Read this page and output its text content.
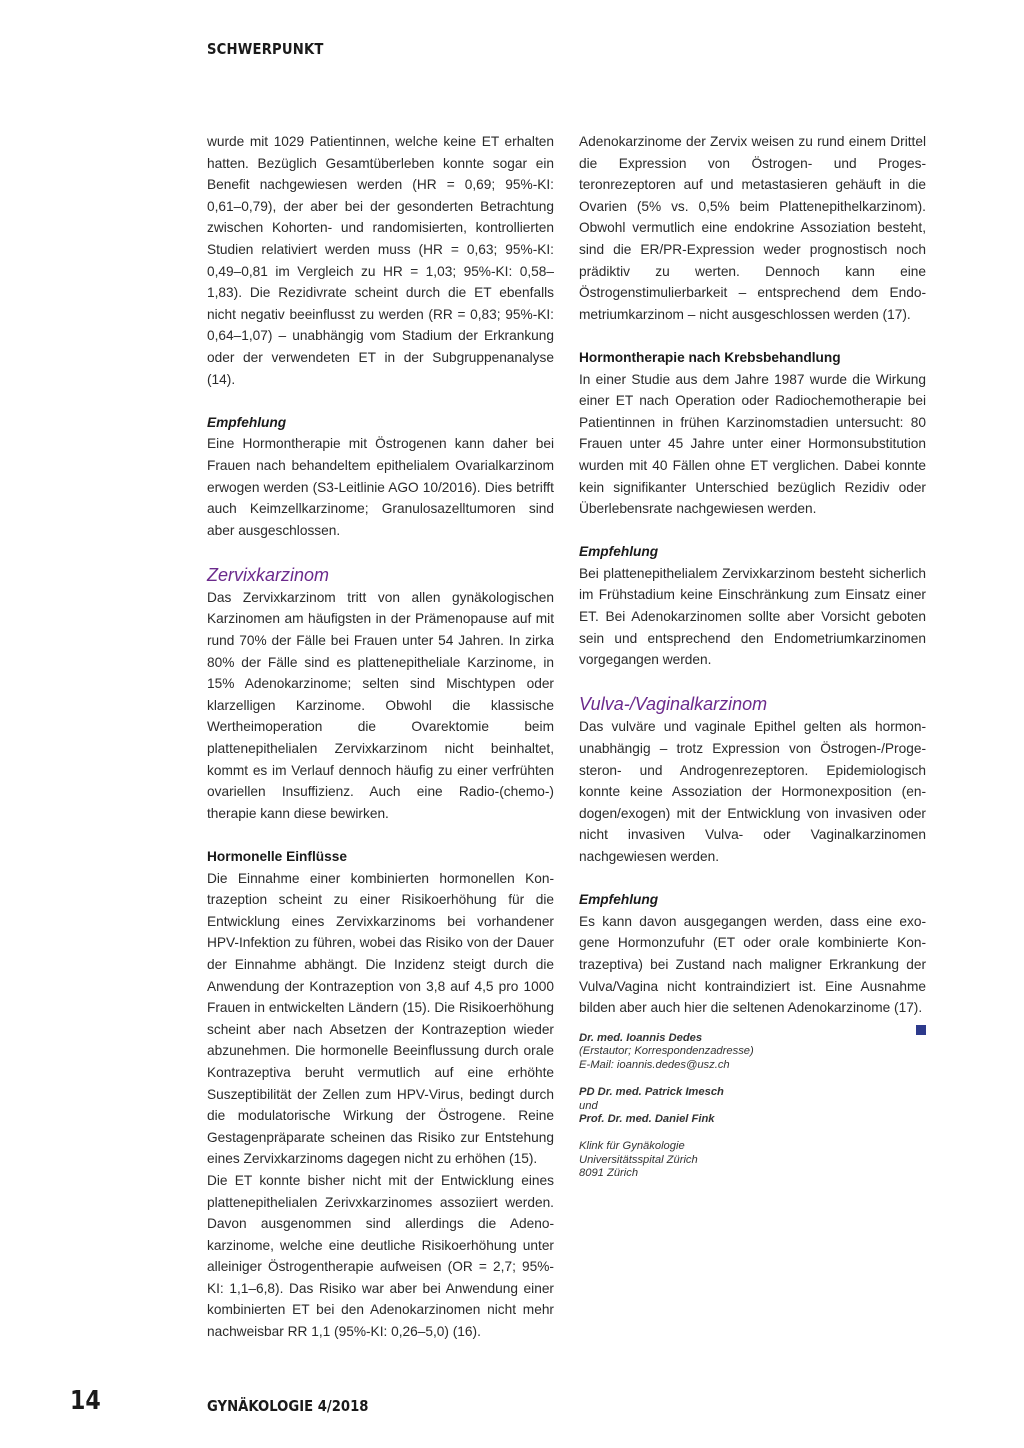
SCHWERPUNKT

wurde mit 1029 Patientinnen, welche keine ET erhalten hatten. Bezüglich Gesamtüberleben konnte sogar ein Benefit nachgewiesen werden (HR = 0,69; 95%-KI: 0,61–0,79), der aber bei der gesonderten Betrachtung zwischen Kohorten- und randomisierten, kontrollierten Studien relativiert werden muss (HR = 0,63; 95%-KI: 0,49–0,81 im Vergleich zu HR = 1,03; 95%-KI: 0,58–1,83). Die Rezidivrate scheint durch die ET ebenfalls nicht negativ beeinflusst zu werden (RR = 0,83; 95%-KI: 0,64–1,07) – unabhängig vom Stadium der Erkrankung oder der verwendeten ET in der Subgruppenanalyse (14).

Empfehlung

Eine Hormontherapie mit Östrogenen kann daher bei Frauen nach behandeltem epithelialem Ovarialkarzinom erwogen werden (S3-Leitlinie AGO 10/2016). Dies betrifft auch Keimzellkarzinome; Granulosazelltumoren sind aber ausgeschlossen.

Zervixkarzinom

Das Zervixkarzinom tritt von allen gynäkologischen Karzinomen am häufigsten in der Prämenopause auf mit rund 70% der Fälle bei Frauen unter 54 Jahren. In zirka 80% der Fälle sind es plattenepitheliale Karzinome, in 15% Adenokarzinome; selten sind Mischtypen oder klarzelligen Karzinome. Obwohl die klassische Wertheimoperation die Ovarektomie beim plattenepithelialen Zervixkarzinom nicht beinhaltet, kommt es im Verlauf dennoch häufig zu einer verfrühten ovariellen Insuffizienz. Auch eine Radio-(chemo-) therapie kann diese bewirken.

Hormonelle Einflüsse

Die Einnahme einer kombinierten hormonellen Kontrazeption scheint zu einer Risikoerhöhung für die Entwicklung eines Zervixkarzinoms bei vorhandener HPV-Infektion zu führen, wobei das Risiko von der Dauer der Einnahme abhängt. Die Inzidenz steigt durch die Anwendung der Kontrazeption von 3,8 auf 4,5 pro 1000 Frauen in entwickelten Ländern (15). Die Risikoerhöhung scheint aber nach Absetzen der Kontrazeption wieder abzunehmen. Die hormonelle Beeinflussung durch orale Kontrazeptiva beruht vermutlich auf eine erhöhte Suszeptibilität der Zellen zum HPV-Virus, bedingt durch die modulatorische Wirkung der Östrogene. Reine Gestagenpräparate scheinen das Risiko zur Entstehung eines Zervixkarzinoms dagegen nicht zu erhöhen (15).

Die ET konnte bisher nicht mit der Entwicklung eines plattenepithelialen Zerivxkarzinomes assoziiert werden. Davon ausgenommen sind allerdings die Adenokarzinome, welche eine deutliche Risikoerhöhung unter alleiniger Östrogentherapie aufweisen (OR = 2,7; 95%-KI: 1,1–6,8). Das Risiko war aber bei Anwendung einer kombinierten ET bei den Adenokarzinomen nicht mehr nachweisbar RR 1,1 (95%-KI: 0,26–5,0) (16).

Adenokarzinome der Zervix weisen zu rund einem Drittel die Expression von Östrogen- und Progesteronrezeptoren auf und metastasieren gehäuft in die Ovarien (5% vs. 0,5% beim Plattenepithelkarzinom). Obwohl vermutlich eine endokrine Assoziation besteht, sind die ER/PR-Expression weder prognostisch noch prädiktiv zu werten. Dennoch kann eine Östrogenstimulierbarkeit – entsprechend dem Endometriumkarzinom – nicht ausgeschlossen werden (17).

Hormontherapie nach Krebsbehandlung

In einer Studie aus dem Jahre 1987 wurde die Wirkung einer ET nach Operation oder Radiochemotherapie bei Patientinnen in frühen Karzinomstadien untersucht: 80 Frauen unter 45 Jahre unter einer Hormonsubstitution wurden mit 40 Fällen ohne ET verglichen. Dabei konnte kein signifikanter Unterschied bezüglich Rezidiv oder Überlebensrate nachgewiesen werden.

Empfehlung

Bei plattenepithelialem Zervixkarzinom besteht sicherlich im Frühstadium keine Einschränkung zum Einsatz einer ET. Bei Adenokarzinomen sollte aber Vorsicht geboten sein und entsprechend den Endometriumkarzinomen vorgegangen werden.

Vulva-/Vaginalkarzinom

Das vulväre und vaginale Epithel gelten als hormonunabhängig – trotz Expression von Östrogen-/Progesteron- und Androgenrezeptoren. Epidemiologisch konnte keine Assoziation der Hormonexposition (endogen/exogen) mit der Entwicklung von invasiven oder nicht invasiven Vulva- oder Vaginalkarzinomen nachgewiesen werden.

Empfehlung

Es kann davon ausgegangen werden, dass eine exogene Hormonzufuhr (ET oder orale kombinierte Kontrazeptiva) bei Zustand nach maligner Erkrankung der Vulva/Vagina nicht kontraindiziert ist. Eine Ausnahme bilden aber auch hier die seltenen Adenokarzinome (17).

Dr. med. Ioannis Dedes
(Erstautor; Korrespondenzadresse)
E-Mail: ioannis.dedes@usz.ch
PD Dr. med. Patrick Imesch
und
Prof. Dr. med. Daniel Fink
Klink für Gynäkologie
Universitätsspital Zürich
8091 Zürich
14	GYNÄKOLOGIE 4/2018
